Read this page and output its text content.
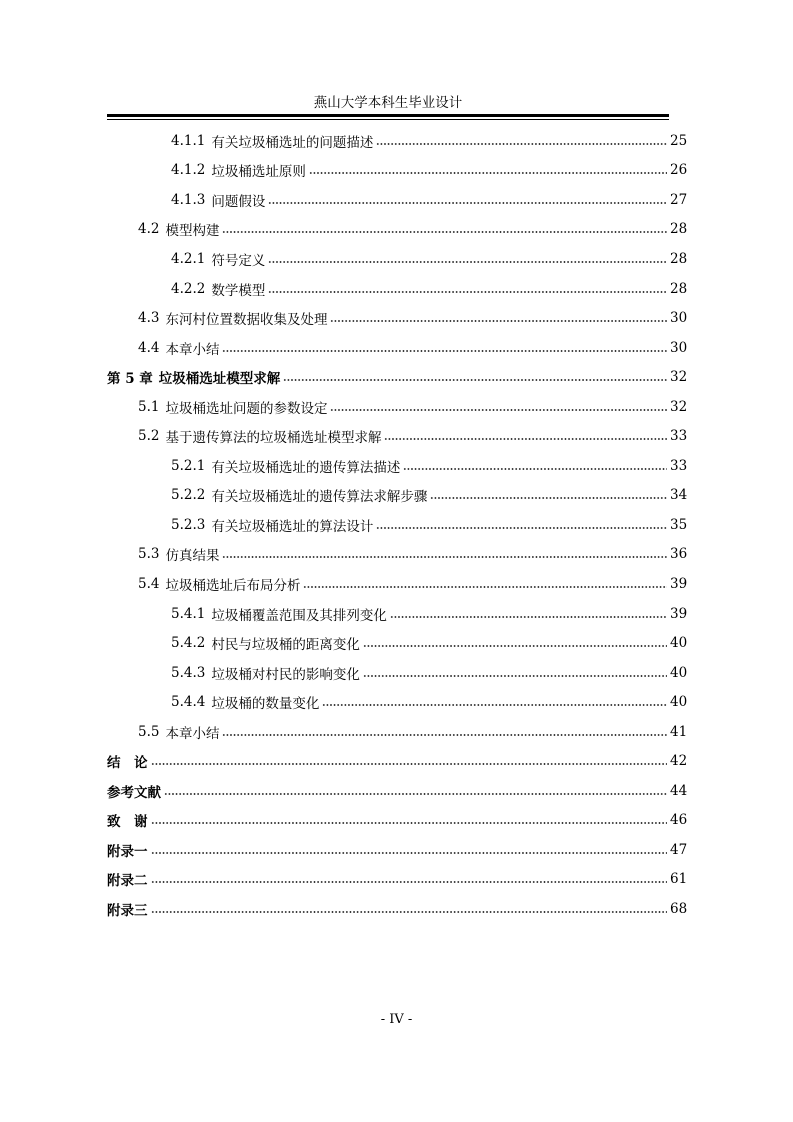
燕山大学本科生毕业设计
4.1.1 有关垃圾桶选址的问题描述	25
4.1.2 垃圾桶选址原则	26
4.1.3 问题假设	27
4.2 模型构建	28
4.2.1 符号定义	28
4.2.2 数学模型	28
4.3 东河村位置数据收集及处理	30
4.4 本章小结	30
第 5 章 垃圾桶选址模型求解	32
5.1 垃圾桶选址问题的参数设定	32
5.2 基于遗传算法的垃圾桶选址模型求解	33
5.2.1 有关垃圾桶选址的遗传算法描述	33
5.2.2 有关垃圾桶选址的遗传算法求解步骤	34
5.2.3 有关垃圾桶选址的算法设计	35
5.3 仿真结果	36
5.4 垃圾桶选址后布局分析	39
5.4.1 垃圾桶覆盖范围及其排列变化	39
5.4.2 村民与垃圾桶的距离变化	40
5.4.3 垃圾桶对村民的影响变化	40
5.4.4 垃圾桶的数量变化	40
5.5 本章小结	41
结　论	42
参考文献	44
致　谢	46
附录一	47
附录二	61
附录三	68
- IV -
